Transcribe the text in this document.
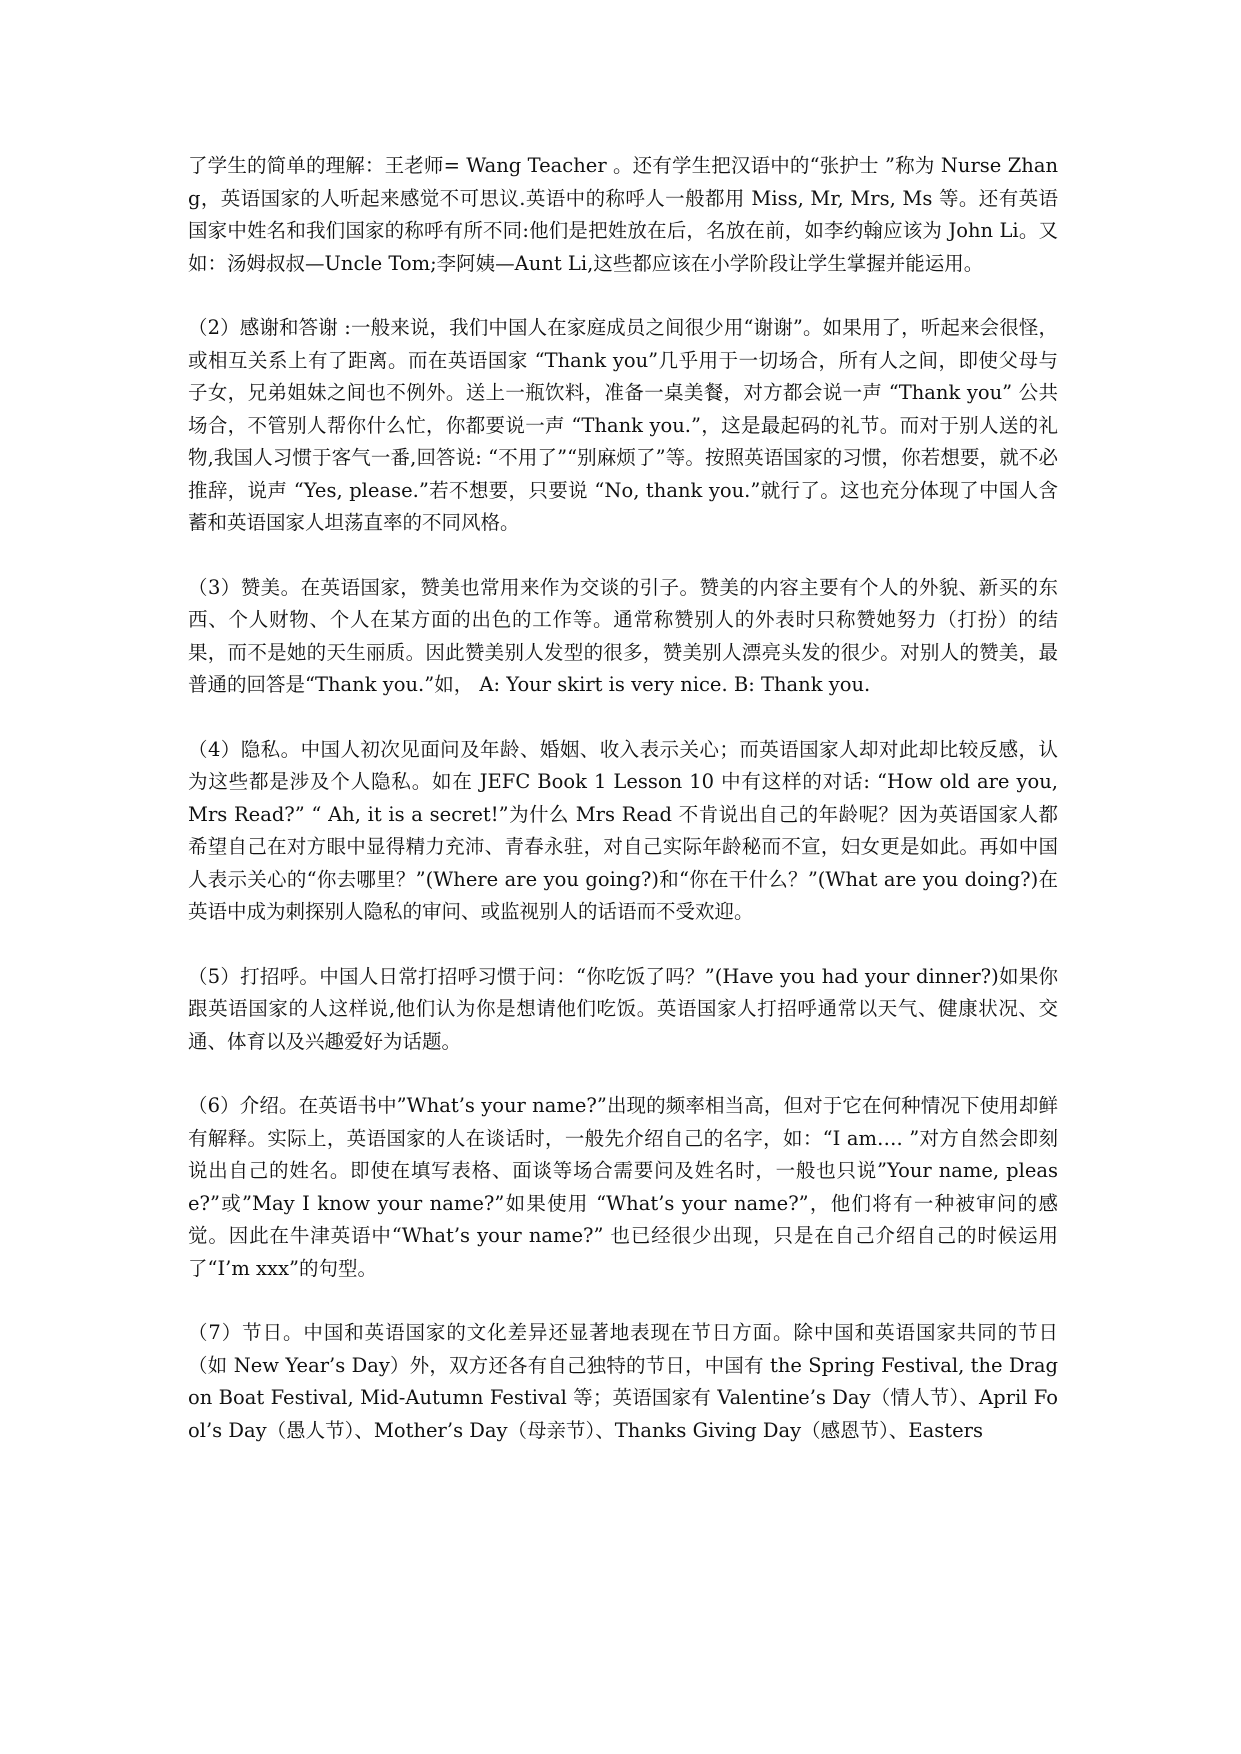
了学生的简单的理解：王老师= Wang Teacher 。还有学生把汉语中的“张护士 ”称为 Nurse Zhang，英语国家的人听起来感觉不可思议.英语中的称呼人一般都用 Miss, Mr, Mrs, Ms 等。还有英语国家中姓名和我们国家的称呼有所不同:他们是把姓放在后，名放在前，如李约翰应该为 John Li。又如：汤姆叔叔—Uncle Tom;李阿姨—Aunt Li,这些都应该在小学阶段让学生掌握并能运用。

（2）感谢和答谢 :一般来说，我们中国人在家庭成员之间很少用“谢谢”。如果用了，听起来会很怪，或相互关系上有了距离。而在英语国家 “Thank you”几乎用于一切场合，所有人之间，即使父母与子女，兄弟姐妹之间也不例外。送上一瓶饮料，准备一桌美餐，对方都会说一声 “Thank you” 公共场合，不管别人帮你什么忙，你都要说一声 “Thank you.”，这是最起码的礼节。而对于别人送的礼物,我国人习惯于客气一番,回答说: “不用了”“别麻烦了”等。按照英语国家的习惯，你若想要，就不必推辞，说声 “Yes, please.”若不想要，只要说 “No, thank you.”就行了。这也充分体现了中国人含蓄和英语国家人坦荡直率的不同风格。

（3）赞美。在英语国家，赞美也常用来作为交谈的引子。赞美的内容主要有个人的外貌、新买的东西、个人财物、个人在某方面的出色的工作等。通常称赞别人的外表时只称赞她努力（打扮）的结果，而不是她的天生丽质。因此赞美别人发型的很多，赞美别人漂亮头发的很少。对别人的赞美，最普通的回答是“Thank you.”如， A: Your skirt is very nice. B: Thank you.

（4）隐私。中国人初次见面问及年龄、婚姻、收入表示关心；而英语国家人却对此却比较反感，认为这些都是涉及个人隐私。如在 JEFC Book 1 Lesson 10 中有这样的对话: “How old are you, Mrs Read?” “ Ah, it is a secret!”为什么 Mrs Read 不肯说出自己的年龄呢？因为英语国家人都希望自己在对方眼中显得精力充沛、青春永驻，对自己实际年龄秘而不宣，妇女更是如此。再如中国人表示关心的“你去哪里？”(Where are you going?)和“你在干什么？”(What are you doing?)在英语中成为刺探别人隐私的审问、或监视别人的话语而不受欢迎。

（5）打招呼。中国人日常打招呼习惯于问：“你吃饭了吗？”(Have you had your dinner?)如果你跟英语国家的人这样说,他们认为你是想请他们吃饭。英语国家人打招呼通常以天气、健康状况、交通、体育以及兴趣爱好为话题。

（6）介绍。在英语书中”What’s your name?”出现的频率相当高，但对于它在何种情况下使用却鲜有解释。实际上，英语国家的人在谈话时，一般先介绍自己的名字，如：“I am…. ”对方自然会即刻说出自己的姓名。即使在填写表格、面谈等场合需要问及姓名时，一般也只说”Your name, please?”或”May I know your name?”如果使用 “What’s your name?”，他们将有一种被审问的感觉。因此在牛津英语中“What’s your name?” 也已经很少出现，只是在自己介绍自己的时候运用了“I’m xxx”的句型。

（7）节日。中国和英语国家的文化差异还显著地表现在节日方面。除中国和英语国家共同的节日（如 New Year’s Day）外，双方还各有自己独特的节日，中国有 the Spring Festival, the Dragon Boat Festival, Mid-Autumn Festival 等；英语国家有 Valentine’s Day（情人节）、April Fool’s Day（愚人节）、Mother’s Day（母亲节）、Thanks Giving Day（感恩节）、Easters
